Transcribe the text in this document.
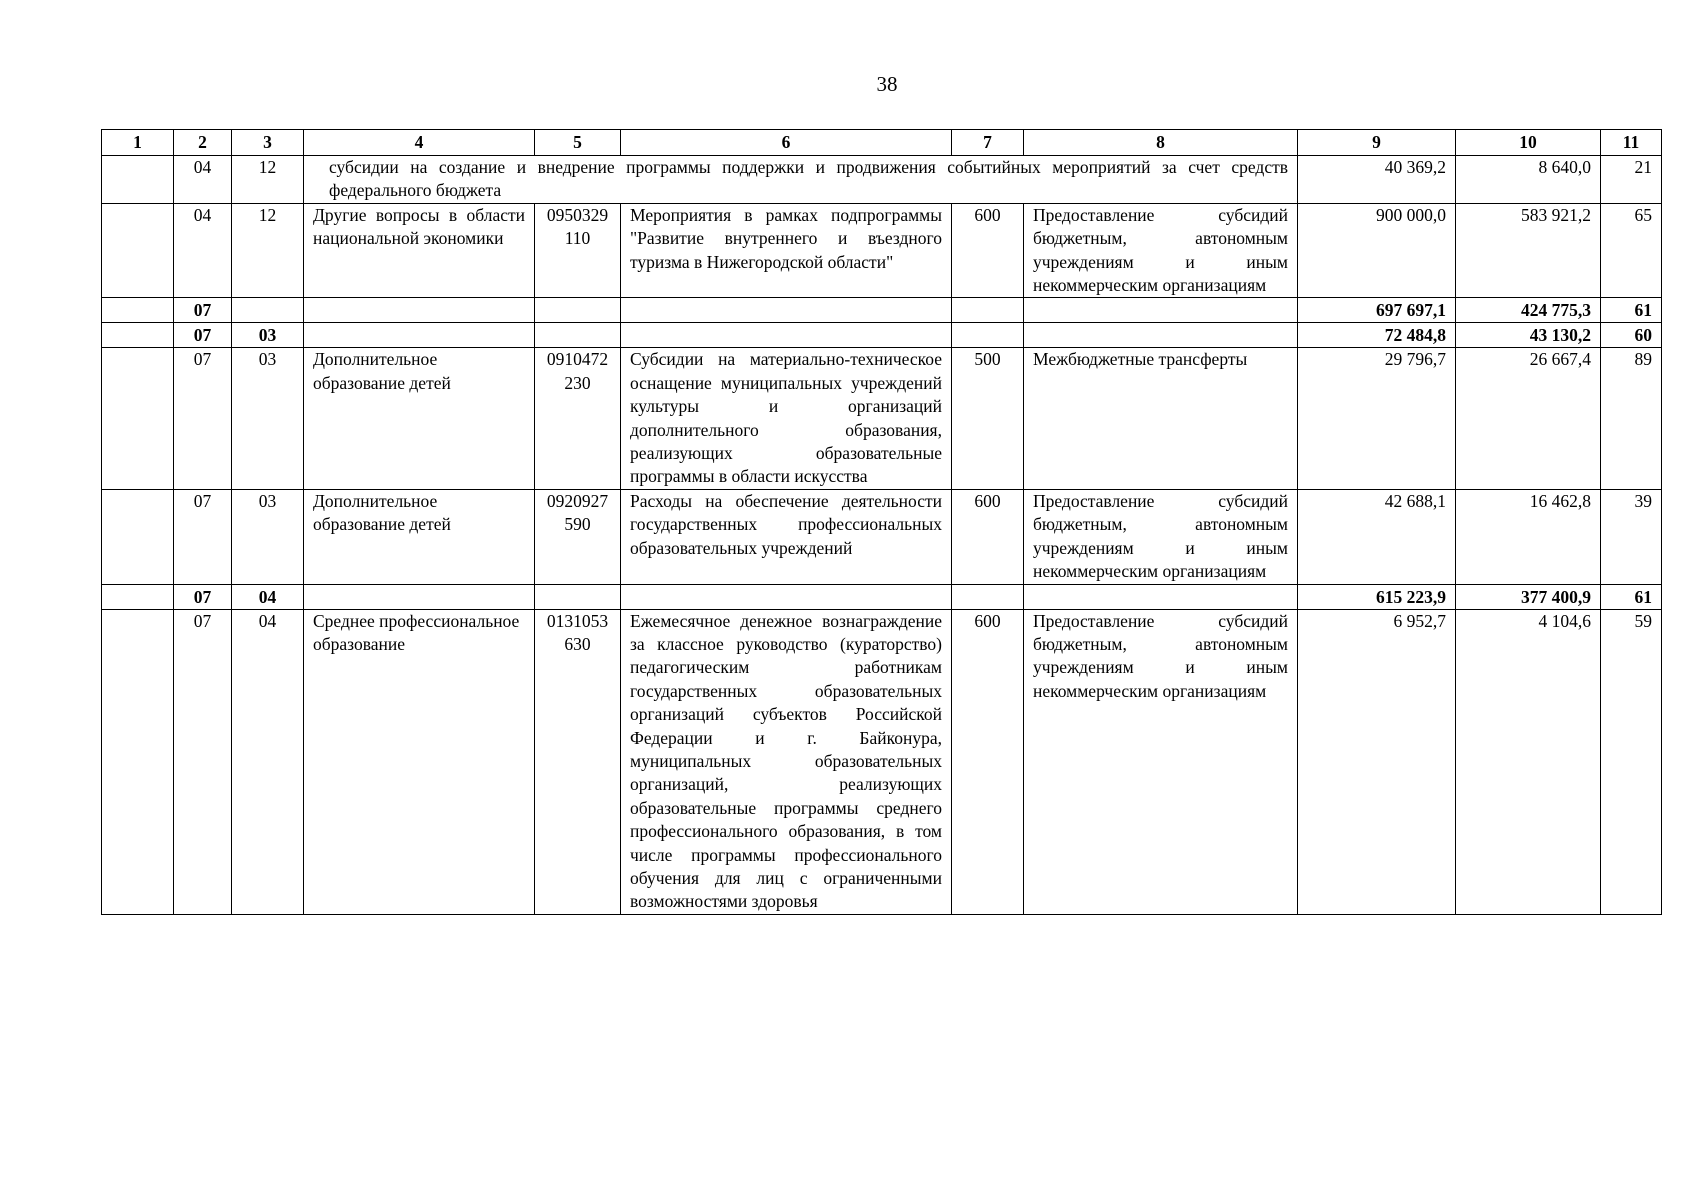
38
1	2	3	4	5	6	7	8	9	10	11
	04	12	субсидии на создание и внедрение программы поддержки и продвижения событийных мероприятий за счет средств федерального бюджета					40 369,2	8 640,0	21
	04	12	Другие вопросы в области национальной экономики	0950329110	Мероприятия в рамках подпрограммы "Развитие внутреннего и въездного туризма в Нижегородской области"	600	Предоставление субсидий бюджетным, автономным учреждениям и иным некоммерческим организациям	900 000,0	583 921,2	65
	07							697 697,1	424 775,3	61
	07	03						72 484,8	43 130,2	60
	07	03	Дополнительное образование детей	0910472230	Субсидии на материально-техническое оснащение муниципальных учреждений культуры и организаций дополнительного образования, реализующих образовательные программы в области искусства	500	Межбюджетные трансферты	29 796,7	26 667,4	89
	07	03	Дополнительное образование детей	0920927590	Расходы на обеспечение деятельности государственных профессиональных образовательных учреждений	600	Предоставление субсидий бюджетным, автономным учреждениям и иным некоммерческим организациям	42 688,1	16 462,8	39
	07	04						615 223,9	377 400,9	61
	07	04	Среднее профессиональное образование	0131053630	Ежемесячное денежное вознаграждение за классное руководство (кураторство) педагогическим работникам государственных образовательных организаций субъектов Российской Федерации и г. Байконура, муниципальных образовательных организаций, реализующих образовательные программы среднего профессионального образования, в том числе программы профессионального обучения для лиц с ограниченными возможностями здоровья	600	Предоставление субсидий бюджетным, автономным учреждениям и иным некоммерческим организациям	6 952,7	4 104,6	59
